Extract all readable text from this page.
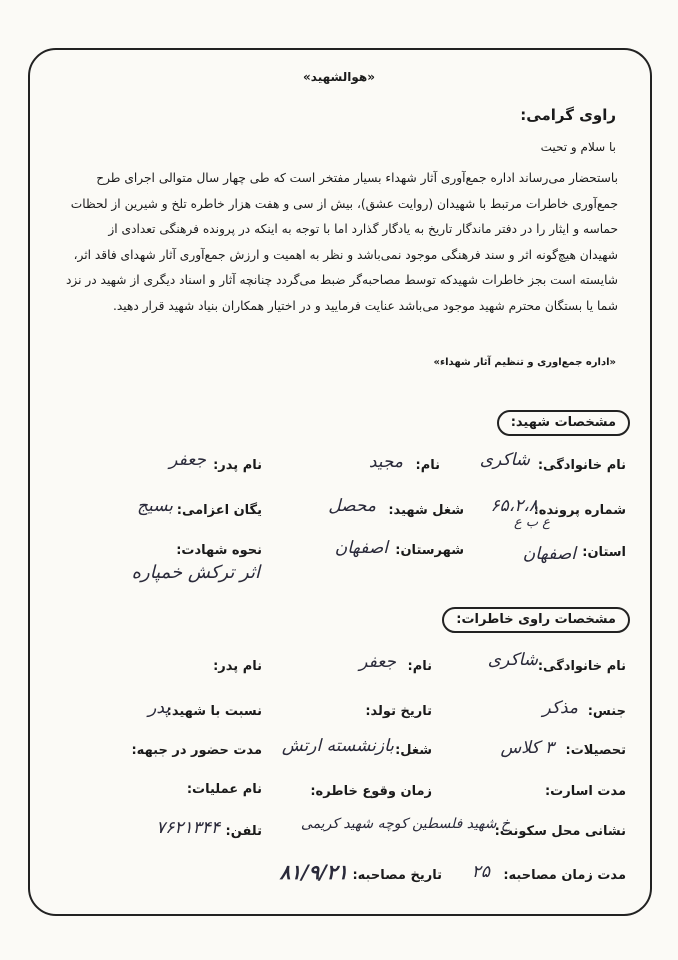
«هوالشهید»
راوی گرامی:
با سلام و تحیت

باستحضار می‌رساند اداره جمع‌آوری آثار شهداء بسیار مفتخر است که طی چهار سال متوالی اجرای طرح

جمع‌آوری خاطرات مرتبط با شهیدان (روایت عشق)، بیش از سی و هفت هزار خاطره تلخ و شیرین از لحظات

حماسه و ایثار را در دفتر ماندگار تاریخ به یادگار گذارد اما با توجه به اینکه در پرونده فرهنگی تعدادی از

شهیدان هیچ‌گونه اثر و سند فرهنگی موجود نمی‌باشد و نظر به اهمیت و ارزش جمع‌آوری آثار شهدای فاقد اثر،

شایسته است بجز خاطرات شهیدکه توسط مصاحبه‌گر ضبط می‌گردد چنانچه آثار و اسناد دیگری از شهید در نزد

شما یا بستگان محترم شهید موجود می‌باشد عنایت فرمایید و در اختیار همکاران بنیاد شهید قرار دهید.

«اداره جمع‌اوری و تنظیم آثار شهداء»
مشخصات شهید:
نام خانوادگی:
شاکری
نام:
مجید
نام پدر:
جعفر
شماره پرونده:
۶۵،۲،۸
ع ب ع
شغل شهید:
محصل
یگان اعزامی:
بسیج
نحوه شهادت:
اثر ترکش خمپاره
استان:
اصفهان
شهرستان:
اصفهان
مشخصات راوی خاطرات:
نام خانوادگی:
شاکری
نام:
جعفر
نام پدر:
جنس:
مذکر
تاریخ تولد:
نسبت با شهید:
پدر
تحصیلات:
۳ کلاس
شغل:
بازنشسته ارتش
مدت حضور در جبهه:
مدت اسارت:
زمان وقوع خاطره:
نام عملیات:
نشانی محل سکونت:
خ شهید فلسطین کوچه شهید کریمی
تلفن:
۷۶۲۱۳۴۴
مدت زمان مصاحبه:
۲۵
تاریخ مصاحبه:
۸۱/۹/۲۱
